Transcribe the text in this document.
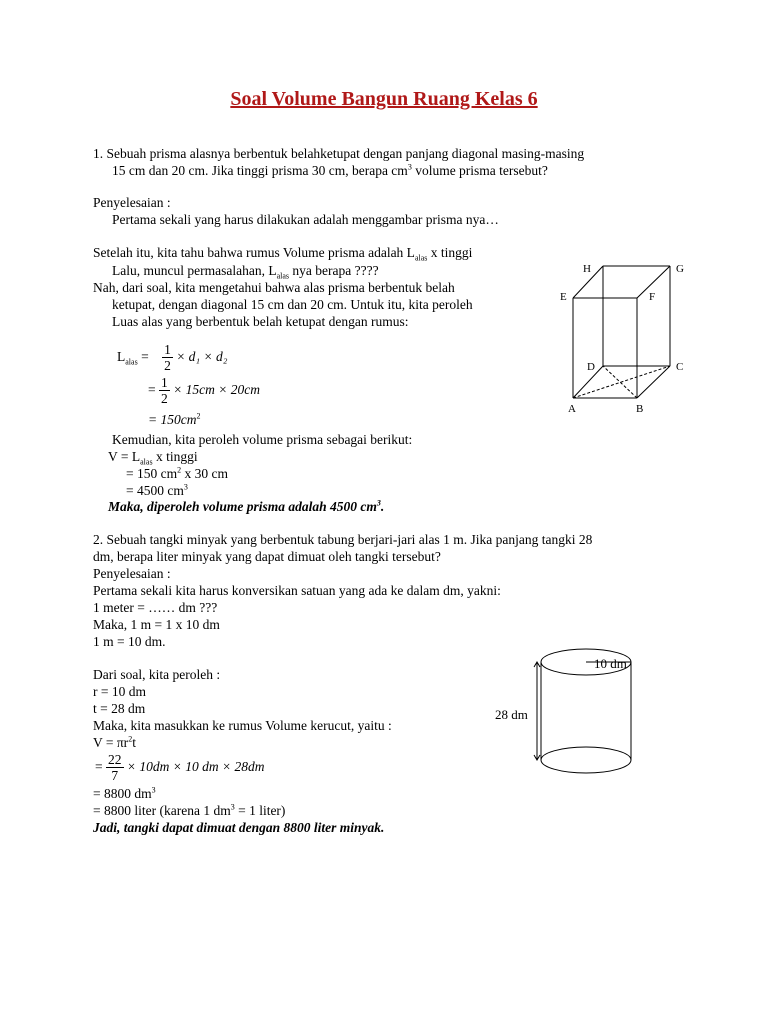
Soal Volume Bangun Ruang Kelas 6
1. Sebuah prisma alasnya berbentuk belahketupat dengan panjang diagonal masing-masing
15 cm dan 20 cm. Jika tinggi prisma 30 cm, berapa $cm^3$ volume prisma tersebut?
Penyelesaian :
Pertama sekali yang harus dilakukan adalah menggambar prisma nya…
Setelah itu, kita tahu bahwa rumus Volume prisma adalah $L_{alas}$ x tinggi
Lalu, muncul permasalahan, $L_{alas}$ nya berapa ????
Nah, dari soal, kita mengetahui bahwa alas prisma berbentuk belah
ketupat, dengan diagonal 15 cm dan 20 cm. Untuk itu, kita peroleh
Luas alas yang berbentuk belah ketupat dengan rumus:
$L_{alas} = \frac{1}{2} \times d_1 \times d_2$
= $\frac{1}{2} \times 15cm \times 20cm$
= $150cm^2$
Kemudian, kita peroleh volume prisma sebagai berikut:
$V = L_{alas}$ x tinggi
= 150 $cm^2$ x 30 cm
= 4500 $cm^3$
Maka, diperoleh volume prisma adalah 4500 $cm^3$.
H	G
E	F
D	C
A	B
2. Sebuah tangki minyak yang berbentuk tabung berjari-jari alas 1 m. Jika panjang tangki 28
dm, berapa liter minyak yang dapat dimuat oleh tangki tersebut?
Penyelesaian :
Pertama sekali kita harus konversikan satuan yang ada ke dalam dm, yakni:
1 meter = …… dm ???
Maka, 1 m = 1 x 10 dm
1 m = 10 dm.
Dari soal, kita peroleh :
r = 10 dm
t = 28 dm
Maka, kita masukkan ke rumus Volume kerucut, yaitu :
$V = \pi r^2t$
= $\frac{22}{7} \times 10dm \times 10$ dm × 28dm
= 8800 $dm^3$
= 8800 liter (karena 1 $dm^3 = 1$ liter)
Jadi, tangki dapat dimuat dengan 8800 liter minyak.
10 dm
28 dm
